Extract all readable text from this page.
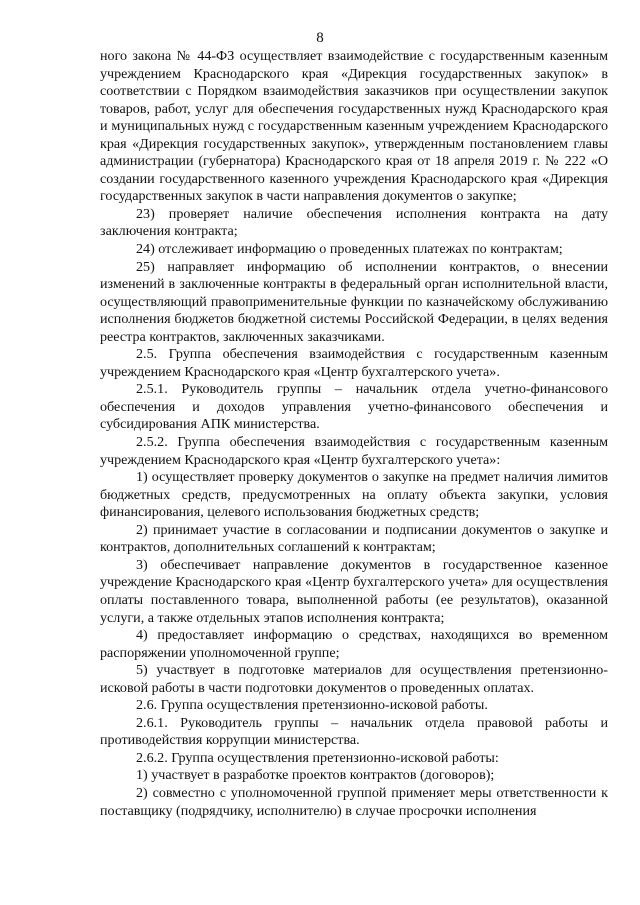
8

ного закона № 44-ФЗ осуществляет взаимодействие с государственным казенным учреждением Краснодарского края «Дирекция государственных закупок» в соответствии с Порядком взаимодействия заказчиков при осуществлении закупок товаров, работ, услуг для обеспечения государственных нужд Краснодарского края и муниципальных нужд с государственным казенным учреждением Краснодарского края «Дирекция государственных закупок», утвержденным постановлением главы администрации (губернатора) Краснодарского края от 18 апреля 2019 г. № 222 «О создании государственного казенного учреждения Краснодарского края «Дирекция государственных закупок в части направления документов о закупке;

23) проверяет наличие обеспечения исполнения контракта на дату заключения контракта;

24) отслеживает информацию о проведенных платежах по контрактам;

25) направляет информацию об исполнении контрактов, о внесении изменений в заключенные контракты в федеральный орган исполнительной власти, осуществляющий правоприменительные функции по казначейскому обслуживанию исполнения бюджетов бюджетной системы Российской Федерации, в целях ведения реестра контрактов, заключенных заказчиками.

2.5. Группа обеспечения взаимодействия с государственным казенным учреждением Краснодарского края «Центр бухгалтерского учета».

2.5.1. Руководитель группы – начальник отдела учетно-финансового обеспечения и доходов управления учетно-финансового обеспечения и субсидирования АПК министерства.

2.5.2. Группа обеспечения взаимодействия с государственным казенным учреждением Краснодарского края «Центр бухгалтерского учета»:

1) осуществляет проверку документов о закупке на предмет наличия лимитов бюджетных средств, предусмотренных на оплату объекта закупки, условия финансирования, целевого использования бюджетных средств;

2) принимает участие в согласовании и подписании документов о закупке и контрактов, дополнительных соглашений к контрактам;

3) обеспечивает направление документов в государственное казенное учреждение Краснодарского края «Центр бухгалтерского учета» для осуществления оплаты поставленного товара, выполненной работы (ее результатов), оказанной услуги, а также отдельных этапов исполнения контракта;

4) предоставляет информацию о средствах, находящихся во временном распоряжении уполномоченной группе;

5) участвует в подготовке материалов для осуществления претензионно-исковой работы в части подготовки документов о проведенных оплатах.

2.6. Группа осуществления претензионно-исковой работы.

2.6.1. Руководитель группы – начальник отдела правовой работы и противодействия коррупции министерства.

2.6.2. Группа осуществления претензионно-исковой работы:

1) участвует в разработке проектов контрактов (договоров);

2) совместно с уполномоченной группой применяет меры ответственности к поставщику (подрядчику, исполнителю) в случае просрочки исполнения
